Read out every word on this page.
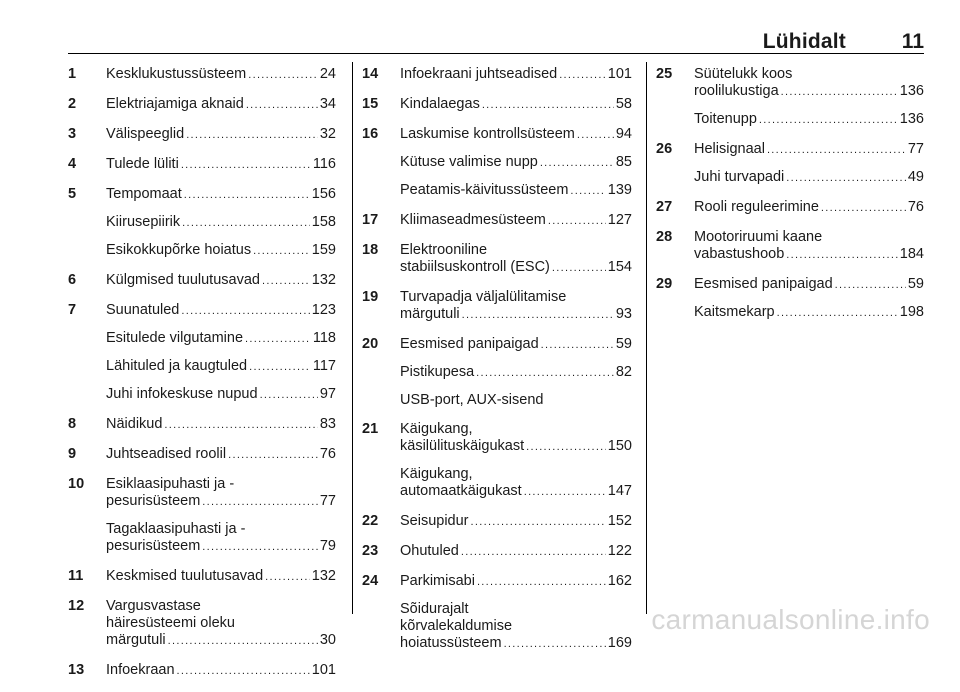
Lühidalt	11
1 Kesklukustussüsteem .....	24
2 Elektriajamiga aknaid .....	34
3 Välispeeglid .....	32
4 Tulede lüliti .....	116
5 Tempomaat .....	156
Kiirusepiirik .....	158
Esikokkupõrke hoiatus .....	159
6 Külgmised tuulutusavad .....	132
7 Suunatuled .....	123
Esitulede vilgutamine .....	118
Lähituled ja kaugtuled .....	117
Juhi infokeskuse nupud .....	97
8 Näidikud .....	83
9 Juhtseadised roolil .....	76
10 Esiklaasipuhasti ja -
pesurisüsteem .....	77
Tagaklaasipuhasti ja -
pesurisüsteem .....	79
11 Keskmised tuulutusavad .....	132
12 Vargusvastase
häiresüsteemi oleku
märgutuli .....	30
13 Infoekraan .....	101
14 Infoekraani juhtseadised .....	101
15 Kindalaegas .....	58
16 Laskumise kontrollsüsteem .....	94
Kütuse valimise nupp .....	85
Peatamis-käivitussüsteem .....	139
17 Kliimaseadmesüsteem .....	127
18 Elektrooniline
stabiilsuskontroll (ESC) .....	154
19 Turvapadja väljalülitamise
märgutuli .....	93
20 Eesmised panipaigad .....	59
Pistikupesa .....	82
USB-port, AUX-sisend
21 Käigukang,
käsilülituskäigukast .....	150
Käigukang,
automaatkäigukast .....	147
22 Seisupidur .....	152
23 Ohutuled .....	122
24 Parkimisabi .....	162
Sõidurajalt
kõrvalekaldumise
hoiatussüsteem .....	169
25 Süütelukk koos
roolilukustiga .....	136
Toitenupp .....	136
26 Helisignaal .....	77
Juhi turvapadi .....	49
27 Rooli reguleerimine .....	76
28 Mootoriruumi kaane
vabastushoob .....	184
29 Eesmised panipaigad .....	59
Kaitsmekarp .....	198
carmanualsonline.info
